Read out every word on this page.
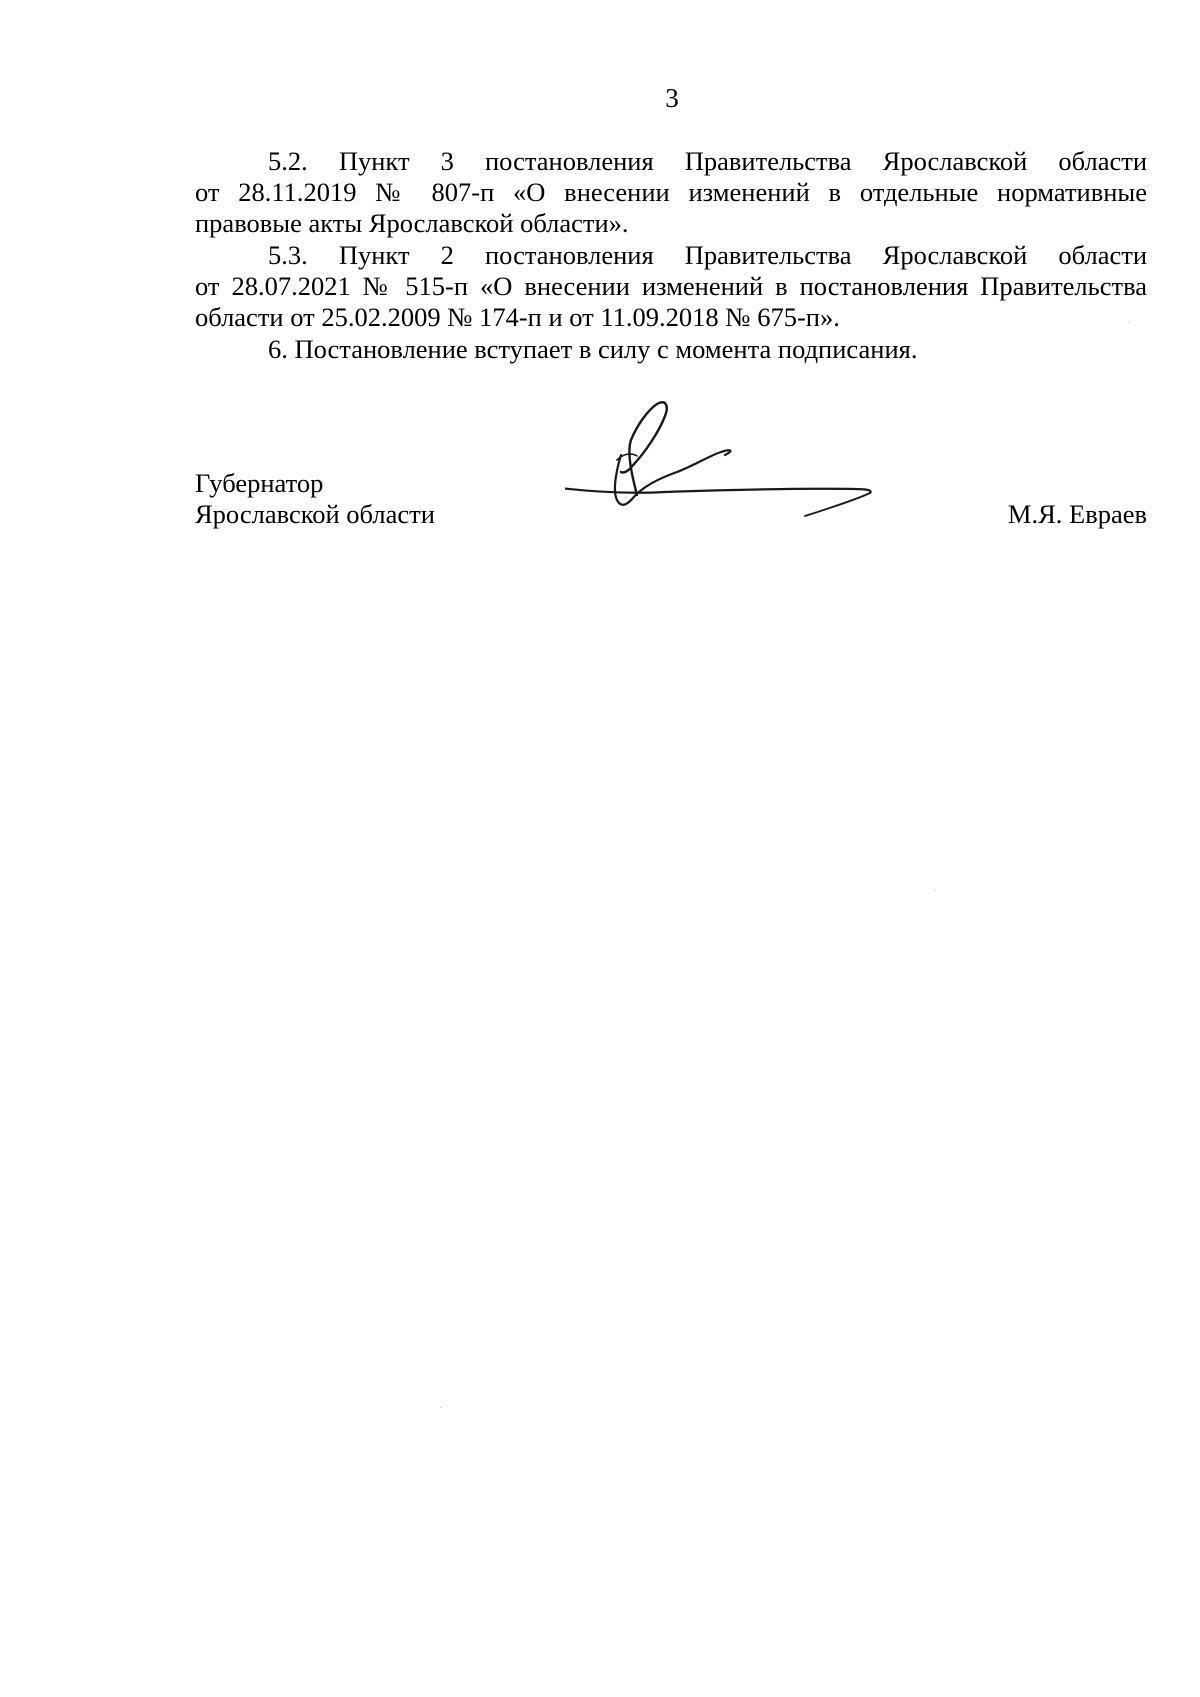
3

5.2. Пункт 3 постановления Правительства Ярославской области
от 28.11.2019 № 807-п «О внесении изменений в отдельные нормативные
правовые акты Ярославской области».

5.3. Пункт 2 постановления Правительства Ярославской области
от 28.07.2021 № 515-п «О внесении изменений в постановления Правительства
области от 25.02.2009 № 174-п и от 11.09.2018 № 675-п».

6. Постановление вступает в силу с момента подписания.

Губернатор
Ярославской области	М.Я. Евраев
